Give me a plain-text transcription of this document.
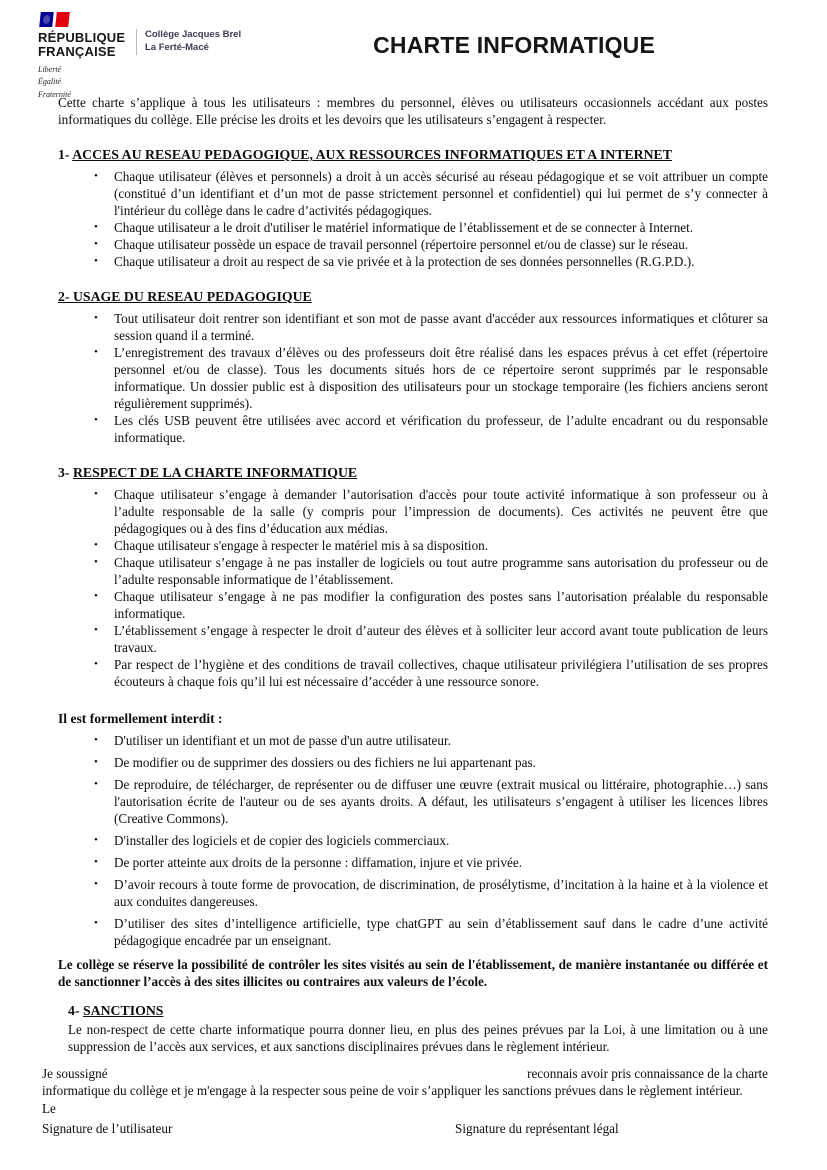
RÉPUBLIQUE
FRANÇAISE
Liberté
Égalité
Fraternité
Collège Jacques Brel
La Ferté-Macé	CHARTE INFORMATIQUE

Cette charte s’applique à tous les utilisateurs : membres du personnel, élèves ou utilisateurs occasionnels accédant aux postes informatiques du collège. Elle précise les droits et les devoirs que les utilisateurs s’engagent à respecter.

1- ACCES AU RESEAU PEDAGOGIQUE, AUX RESSOURCES INFORMATIQUES ET A INTERNET
• Chaque utilisateur (élèves et personnels) a droit à un accès sécurisé au réseau pédagogique et se voit attribuer un compte (constitué d’un identifiant et d’un mot de passe strictement personnel et confidentiel) qui lui permet de s’y connecter à l'intérieur du collège dans le cadre d’activités pédagogiques.
• Chaque utilisateur a le droit d'utiliser le matériel informatique de l’établissement et de se connecter à Internet.
• Chaque utilisateur possède un espace de travail personnel (répertoire personnel et/ou de classe) sur le réseau.
• Chaque utilisateur a droit au respect de sa vie privée et à la protection de ses données personnelles (R.G.P.D.).
2- USAGE DU RESEAU PEDAGOGIQUE
• Tout utilisateur doit rentrer son identifiant et son mot de passe avant d'accéder aux ressources informatiques et clôturer sa session quand il a terminé.
• L’enregistrement des travaux d’élèves ou des professeurs doit être réalisé dans les espaces prévus à cet effet (répertoire personnel et/ou de classe). Tous les documents situés hors de ce répertoire seront supprimés par le responsable informatique. Un dossier public est à disposition des utilisateurs pour un stockage temporaire (les fichiers anciens seront régulièrement supprimés).
• Les clés USB peuvent être utilisées avec accord et vérification du professeur, de l’adulte encadrant ou du responsable informatique.
3- RESPECT DE LA CHARTE INFORMATIQUE
• Chaque utilisateur s’engage à demander l’autorisation d'accès pour toute activité informatique à son professeur ou à l’adulte responsable de la salle (y compris pour l’impression de documents). Ces activités ne peuvent être que pédagogiques ou à des fins d’éducation aux médias.
• Chaque utilisateur s'engage à respecter le matériel mis à sa disposition.
• Chaque utilisateur s’engage à ne pas installer de logiciels ou tout autre programme sans autorisation du professeur ou de l’adulte responsable informatique de l’établissement.
• Chaque utilisateur s’engage à ne pas modifier la configuration des postes sans l’autorisation préalable du responsable informatique.
• L’établissement s’engage à respecter le droit d’auteur des élèves et à solliciter leur accord avant toute publication de leurs travaux.
• Par respect de l’hygiène et des conditions de travail collectives, chaque utilisateur privilégiera l’utilisation de ses propres écouteurs à chaque fois qu’il lui est nécessaire d’accéder à une ressource sonore.

Il est formellement interdit :

• D'utiliser un identifiant et un mot de passe d'un autre utilisateur.
• De modifier ou de supprimer des dossiers ou des fichiers ne lui appartenant pas.
• De reproduire, de télécharger, de représenter ou de diffuser une œuvre (extrait musical ou littéraire, photographie…) sans l'autorisation écrite de l'auteur ou de ses ayants droits. A défaut, les utilisateurs s’engagent à utiliser les licences libres (Creative Commons).
• D'installer des logiciels et de copier des logiciels commerciaux.
• De porter atteinte aux droits de la personne : diffamation, injure et vie privée.
• D’avoir recours à toute forme de provocation, de discrimination, de prosélytisme, d’incitation à la haine et à la violence et aux conduites dangereuses.
• D’utiliser des sites d’intelligence artificielle, type chatGPT au sein d’établissement sauf dans le cadre d’une activité pédagogique encadrée par un enseignant.

Le collège se réserve la possibilité de contrôler les sites visités au sein de l'établissement, de manière instantanée ou différée et de sanctionner l’accès à des sites illicites ou contraires aux valeurs de l’école.

4- SANCTIONS

Le non-respect de cette charte informatique pourra donner lieu, en plus des peines prévues par la Loi, à une limitation ou à une suppression de l’accès aux services, et aux sanctions disciplinaires prévues dans le règlement intérieur.

Je soussigné	reconnais avoir pris connaissance de la charte

informatique du collège et je m'engage à la respecter sous peine de voir s’appliquer les sanctions prévues dans le règlement intérieur.

Le
Signature de l’utilisateur	Signature du représentant légal
